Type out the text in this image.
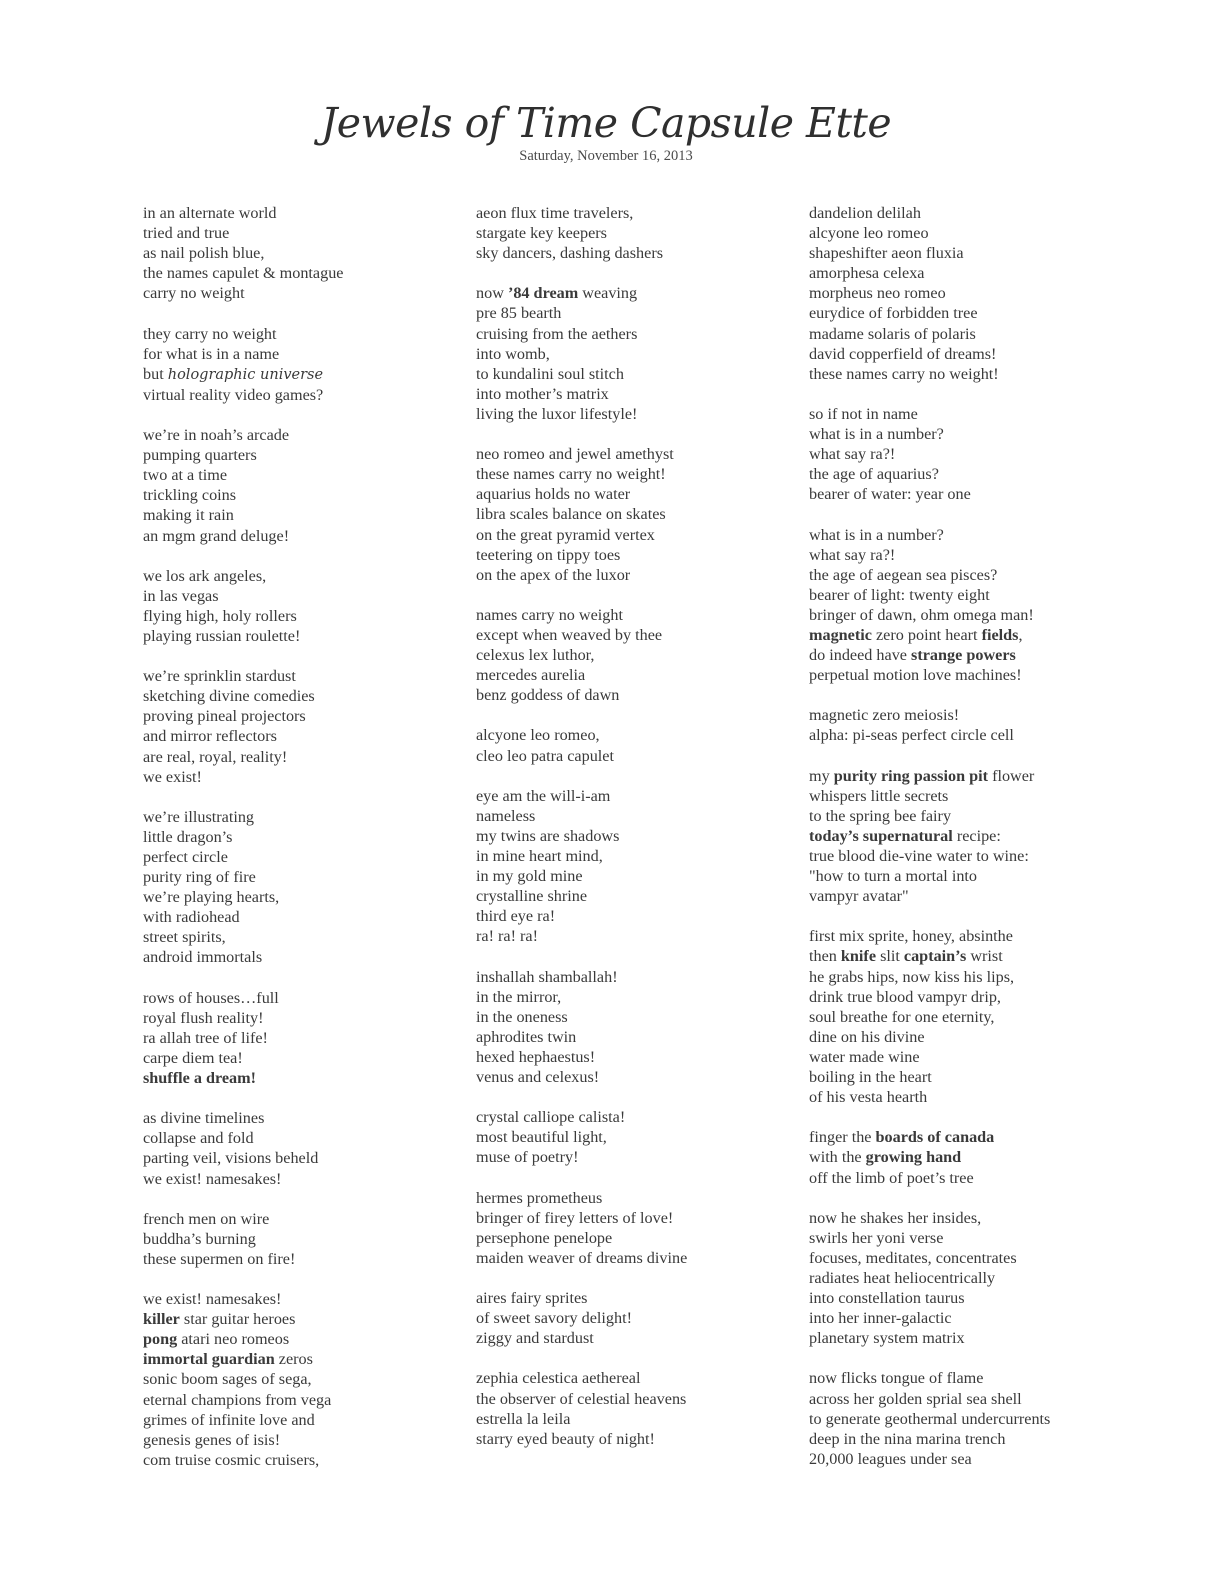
Jewels of Time Capsule Ette
Saturday, November 16, 2013
in an alternate world
tried and true
as nail polish blue,
the names capulet & montague
carry no weight
they carry no weight
for what is in a name
but holographic universe
virtual reality video games?
we’re in noah’s arcade
pumping quarters
two at a time
trickling coins
making it rain
an mgm grand deluge!
we los ark angeles,
in las vegas
flying high, holy rollers
playing russian roulette!
we’re sprinklin stardust
sketching divine comedies
proving pineal projectors
and mirror reflectors
are real, royal, reality!
we exist!
we’re illustrating
little dragon’s
perfect circle
purity ring of fire
we’re playing hearts,
with radiohead
street spirits,
android immortals
rows of houses…full
royal flush reality!
ra allah tree of life!
carpe diem tea!
shuffle a dream!
as divine timelines
collapse and fold
parting veil, visions beheld
we exist! namesakes!
french men on wire
buddha’s burning
these supermen on fire!
we exist! namesakes!
killer star guitar heroes
pong atari neo romeos
immortal guardian zeros
sonic boom sages of sega,
eternal champions from vega
grimes of infinite love and
genesis genes of isis!
com truise cosmic cruisers,
aeon flux time travelers,
stargate key keepers
sky dancers, dashing dashers
now ’84 dream weaving
pre 85 bearth
cruising from the aethers
into womb,
to kundalini soul stitch
into mother’s matrix
living the luxor lifestyle!
neo romeo and jewel amethyst
these names carry no weight!
aquarius holds no water
libra scales balance on skates
on the great pyramid vertex
teetering on tippy toes
on the apex of the luxor
names carry no weight
except when weaved by thee
celexus lex luthor,
mercedes aurelia
benz goddess of dawn
alcyone leo romeo,
cleo leo patra capulet
eye am the will-i-am
nameless
my twins are shadows
in mine heart mind,
in my gold mine
crystalline shrine
third eye ra!
ra! ra! ra!
inshallah shamballah!
in the mirror,
in the oneness
aphrodites twin
hexed hephaestus!
venus and celexus!
crystal calliope calista!
most beautiful light,
muse of poetry!
hermes prometheus
bringer of firey letters of love!
persephone penelope
maiden weaver of dreams divine
aires fairy sprites
of sweet savory delight!
ziggy and stardust
zephia celestica aethereal
the observer of celestial heavens
estrella la leila
starry eyed beauty of night!
dandelion delilah
alcyone leo romeo
shapeshifter aeon fluxia
amorphesa celexa
morpheus neo romeo
eurydice of forbidden tree
madame solaris of polaris
david copperfield of dreams!
these names carry no weight!
so if not in name
what is in a number?
what say ra?!
the age of aquarius?
bearer of water: year one
what is in a number?
what say ra?!
the age of aegean sea pisces?
bearer of light: twenty eight
bringer of dawn, ohm omega man!
magnetic zero point heart fields,
do indeed have strange powers
perpetual motion love machines!
magnetic zero meiosis!
alpha: pi-seas perfect circle cell
my purity ring passion pit flower
whispers little secrets
to the spring bee fairy
today’s supernatural recipe:
true blood die-vine water to wine:
"how to turn a mortal into
vampyr avatar"
first mix sprite, honey, absinthe
then knife slit captain’s wrist
he grabs hips, now kiss his lips,
drink true blood vampyr drip,
soul breathe for one eternity,
dine on his divine
water made wine
boiling in the heart
of his vesta hearth
finger the boards of canada
with the growing hand
off the limb of poet’s tree
now he shakes her insides,
swirls her yoni verse
focuses, meditates, concentrates
radiates heat heliocentrically
into constellation taurus
into her inner-galactic
planetary system matrix
now flicks tongue of flame
across her golden sprial sea shell
to generate geothermal undercurrents
deep in the nina marina trench
20,000 leagues under sea
